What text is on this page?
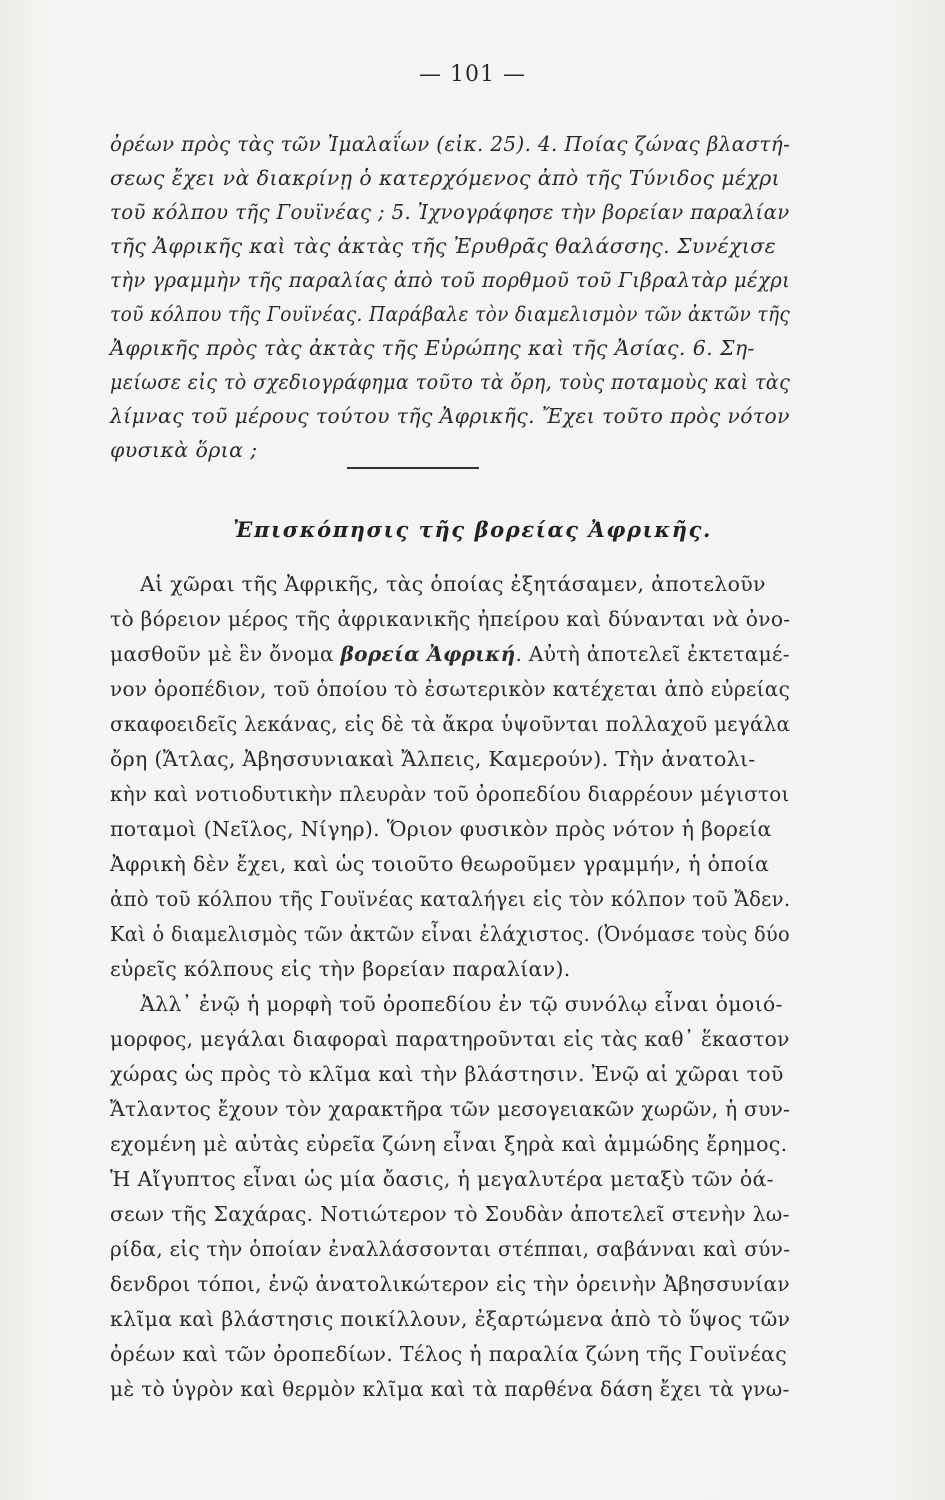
— 101 —
ὀρέων πρὸς τὰς τῶν Ἰμαλαΐων (εἰκ. 25). 4. Ποίας ζώνας βλαστή-
σεως ἔχει νὰ διακρίνῃ ὁ κατερχόμενος ἀπὸ τῆς Τύνιδος μέχρι
τοῦ κόλπου τῆς Γουϊνέας ; 5. Ἰχνογράφησε τὴν βορείαν παραλίαν
τῆς Ἀφρικῆς καὶ τὰς ἀκτὰς τῆς Ἐρυθρᾶς θαλάσσης. Συνέχισε
τὴν γραμμὴν τῆς παραλίας ἀπὸ τοῦ πορθμοῦ τοῦ Γιβραλτὰρ μέχρι
τοῦ κόλπου τῆς Γουϊνέας. Παράβαλε τὸν διαμελισμὸν τῶν ἀκτῶν τῆς
Ἀφρικῆς πρὸς τὰς ἀκτὰς τῆς Εὐρώπης καὶ τῆς Ἀσίας. 6. Ση-
μείωσε εἰς τὸ σχεδιογράφημα τοῦτο τὰ ὄρη, τοὺς ποταμοὺς καὶ τὰς
λίμνας τοῦ μέρους τούτου τῆς Ἀφρικῆς. Ἔχει τοῦτο πρὸς νότον
φυσικὰ ὅρια ;
Ἐπισκόπησις τῆς βορείας Ἀφρικῆς.
Αἱ χῶραι τῆς Ἀφρικῆς, τὰς ὁποίας ἐξητάσαμεν, ἀποτελοῦν
τὸ βόρειον μέρος τῆς ἀφρικανικῆς ἠπείρου καὶ δύνανται νὰ ὀνο-
μασθοῦν μὲ ἓν ὄνομα βορεία Ἀφρική. Αὐτὴ ἀποτελεῖ ἐκτεταμέ-
νον ὀροπέδιον, τοῦ ὁποίου τὸ ἐσωτερικὸν κατέχεται ἀπὸ εὐρείας
σκαφοειδεῖς λεκάνας, εἰς δὲ τὰ ἄκρα ὑψοῦνται πολλαχοῦ μεγάλα
ὄρη (Ἄτλας, Ἀβησσυνιακαὶ Ἄλπεις, Καμερούν). Τὴν ἀνατολι-
κὴν καὶ νοτιοδυτικὴν πλευρὰν τοῦ ὀροπεδίου διαρρέουν μέγιστοι
ποταμοὶ (Νεῖλος, Νίγηρ). Ὅριον φυσικὸν πρὸς νότον ἡ βορεία
Ἀφρικὴ δὲν ἔχει, καὶ ὡς τοιοῦτο θεωροῦμεν γραμμήν, ἡ ὁποία
ἀπὸ τοῦ κόλπου τῆς Γουϊνέας καταλήγει εἰς τὸν κόλπον τοῦ Ἄδεν.
Καὶ ὁ διαμελισμὸς τῶν ἀκτῶν εἶναι ἐλάχιστος. (Ὀνόμασε τοὺς δύο
εὐρεῖς κόλπους εἰς τὴν βορείαν παραλίαν).
Ἀλλ᾽ ἐνῷ ἡ μορφὴ τοῦ ὀροπεδίου ἐν τῷ συνόλῳ εἶναι ὁμοιό-
μορφος, μεγάλαι διαφοραὶ παρατηροῦνται εἰς τὰς καθ᾽ ἕκαστον
χώρας ὡς πρὸς τὸ κλῖμα καὶ τὴν βλάστησιν. Ἐνῷ αἱ χῶραι τοῦ
Ἄτλαντος ἔχουν τὸν χαρακτῆρα τῶν μεσογειακῶν χωρῶν, ἡ συν-
εχομένη μὲ αὐτὰς εὐρεῖα ζώνη εἶναι ξηρὰ καὶ ἀμμώδης ἔρημος.
Ἡ Αἴγυπτος εἶναι ὡς μία ὄασις, ἡ μεγαλυτέρα μεταξὺ τῶν ὀά-
σεων τῆς Σαχάρας. Νοτιώτερον τὸ Σουδὰν ἀποτελεῖ στενὴν λω-
ρίδα, εἰς τὴν ὁποίαν ἐναλλάσσονται στέππαι, σαβάνναι καὶ σύν-
δενδροι τόποι, ἐνῷ ἀνατολικώτερον εἰς τὴν ὀρεινὴν Ἀβησσυνίαν
κλῖμα καὶ βλάστησις ποικίλλουν, ἐξαρτώμενα ἀπὸ τὸ ὕψος τῶν
ὀρέων καὶ τῶν ὀροπεδίων. Τέλος ἡ παραλία ζώνη τῆς Γουϊνέας
μὲ τὸ ὑγρὸν καὶ θερμὸν κλῖμα καὶ τὰ παρθένα δάση ἔχει τὰ γνω-
